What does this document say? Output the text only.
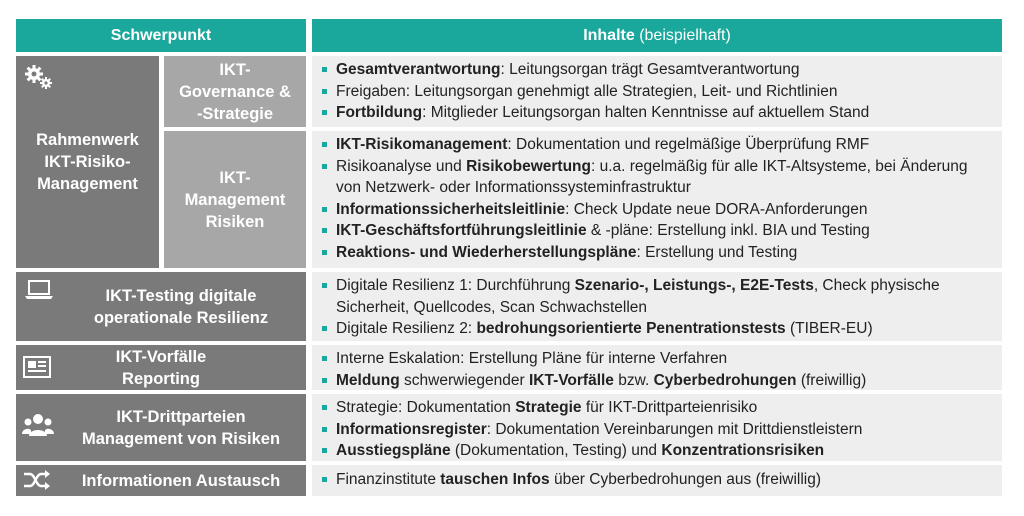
Schwerpunkt	Inhalte
(beispielhaft)
Rahmenwerk
IKT-Risiko-
Management
IKT-
Governance &
-Strategie
Gesamtverantwortung: Leitungsorgan trägt Gesamtverantwortung
Freigaben: Leitungsorgan genehmigt alle Strategien, Leit- und Richtlinien
Fortbildung: Mitglieder Leitungsorgan halten Kenntnisse auf aktuellem Stand
IKT-
Management
Risiken
IKT-Risikomanagement: Dokumentation und regelmäßige Überprüfung RMF
Risikoanalyse und Risikobewertung: u.a. regelmäßig für alle IKT-Altsysteme, bei Änderung von Netzwerk- oder Informationssysteminfrastruktur
Informationssicherheitsleitlinie: Check Update neue DORA-Anforderungen
IKT-Geschäftsfortführungsleitlinie & -pläne: Erstellung inkl. BIA und Testing
Reaktions- und Wiederherstellungspläne: Erstellung und Testing
IKT-Testing digitale
operationale Resilienz
Digitale Resilienz 1: Durchführung Szenario-, Leistungs-, E2E-Tests, Check physische Sicherheit, Quellcodes, Scan Schwachstellen
Digitale Resilienz 2: bedrohungsorientierte Penentrationstests (TIBER-EU)
IKT-Vorfälle
Reporting
Interne Eskalation: Erstellung Pläne für interne Verfahren
Meldung schwerwiegender IKT-Vorfälle bzw. Cyberbedrohungen (freiwillig)
IKT-Drittparteien
Management von Risiken
Strategie: Dokumentation Strategie für IKT-Drittparteienrisiko
Informationsregister: Dokumentation Vereinbarungen mit Drittdienstleistern
Ausstiegspläne (Dokumentation, Testing) und Konzentrationsrisiken
Informationen Austausch	Finanzinstitute tauschen Infos über Cyberbedrohungen aus (freiwillig)
